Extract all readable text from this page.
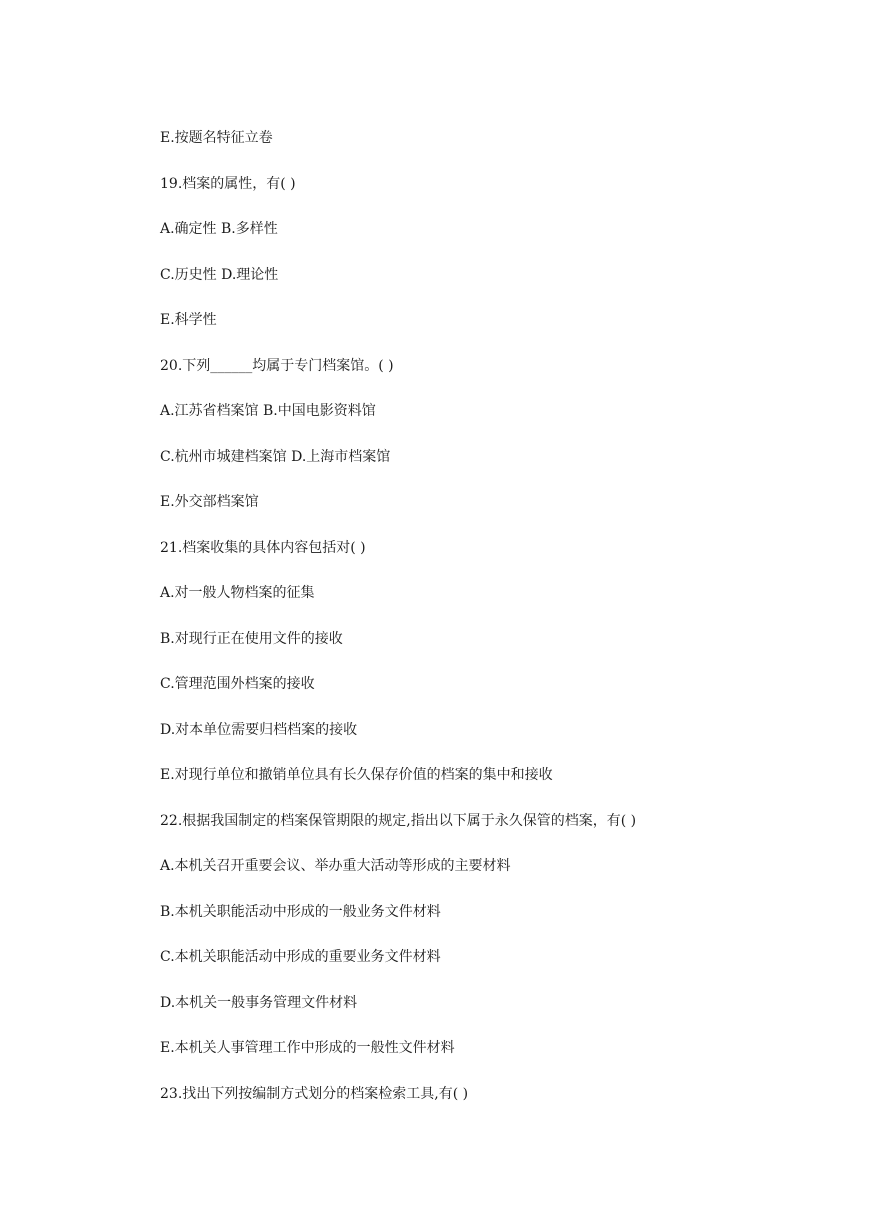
E.按题名特征立卷
19.档案的属性，有( )
A.确定性 B.多样性
C.历史性 D.理论性
E.科学性
20.下列______均属于专门档案馆。( )
A.江苏省档案馆 B.中国电影资料馆
C.杭州市城建档案馆 D.上海市档案馆
E.外交部档案馆
21.档案收集的具体内容包括对( )
A.对一般人物档案的征集
B.对现行正在使用文件的接收
C.管理范围外档案的接收
D.对本单位需要归档档案的接收
E.对现行单位和撤销单位具有长久保存价值的档案的集中和接收
22.根据我国制定的档案保管期限的规定,指出以下属于永久保管的档案，有( )
A.本机关召开重要会议、举办重大活动等形成的主要材料
B.本机关职能活动中形成的一般业务文件材料
C.本机关职能活动中形成的重要业务文件材料
D.本机关一般事务管理文件材料
E.本机关人事管理工作中形成的一般性文件材料
23.找出下列按编制方式划分的档案检索工具,有( )
